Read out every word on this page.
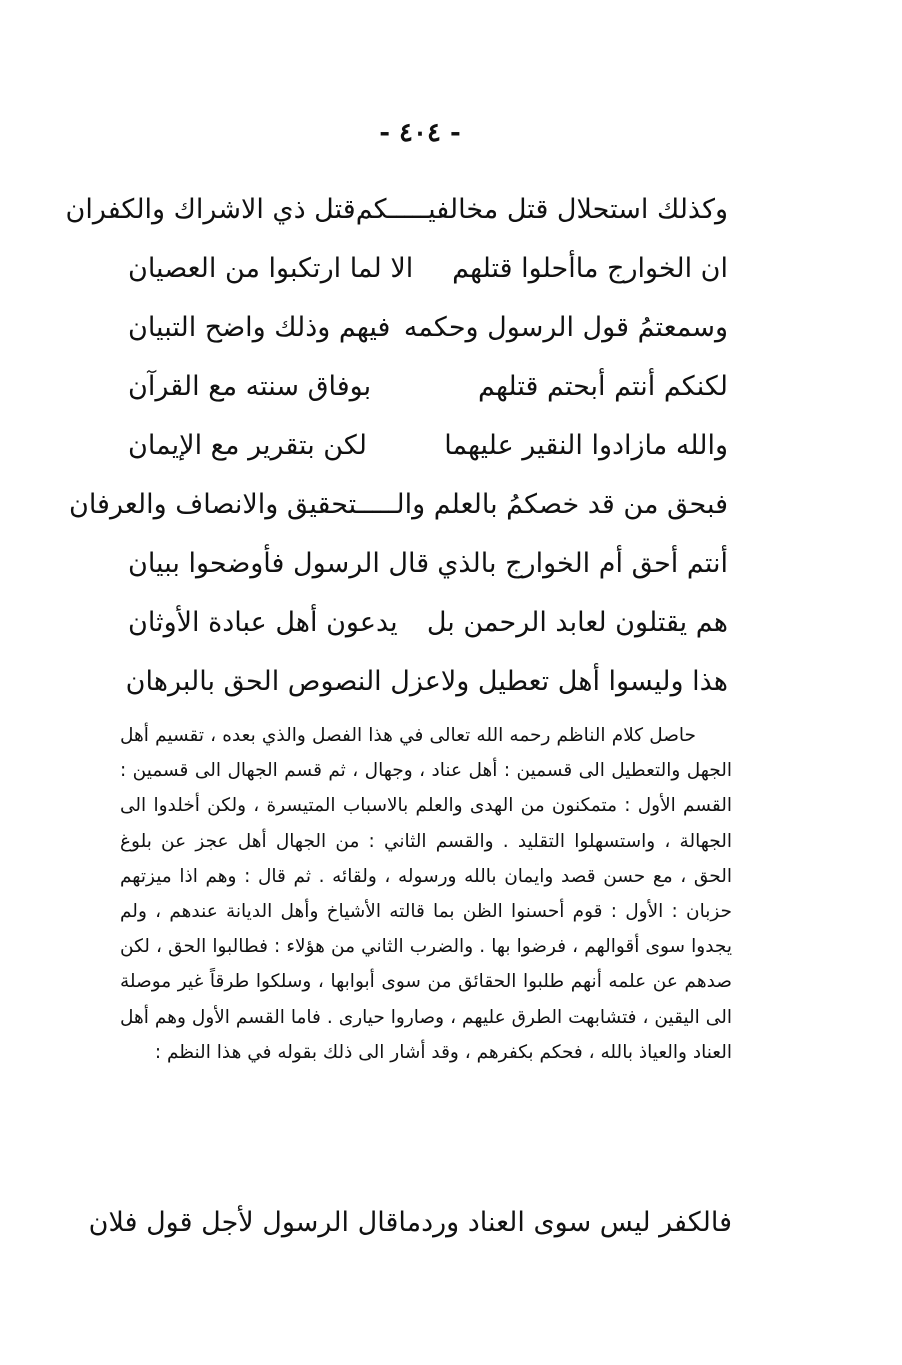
- ٤٠٤ -
وكذلك استحلال قتل مخالفيـــــكم
قتل ذي الاشراك والكفران
ان الخوارج ماأحلوا قتلهم
الا لما ارتكبوا من العصيان
وسمعتمُ قول الرسول وحكمه
فيهم وذلك واضح التبيان
لكنكم أنتم أبحتم قتلهم
بوفاق سنته مع القرآن
والله مازادوا النقير عليهما
لكن بتقرير مع الإيمان
فبحق من قد خصكمُ بالعلم والـــ
ــتحقيق والانصاف والعرفان
أنتم أحق أم الخوارج بالذي
قال الرسول فأوضحوا ببيان
هم يقتلون لعابد الرحمن بل
يدعون أهل عبادة الأوثان
هذا وليسوا أهل تعطيل ولا
عزل النصوص الحق بالبرهان

حاصل كلام الناظم رحمه الله تعالى في هذا الفصل والذي بعده ، تقسيم أهل الجهل والتعطيل الى قسمين : أهل عناد ، وجهال ، ثم قسم الجهال الى قسمين : القسم الأول : متمكنون من الهدى والعلم بالاسباب المتيسرة ، ولكن أخلدوا الى الجهالة ، واستسهلوا التقليد . والقسم الثاني : من الجهال أهل عجز عن بلوغ الحق ، مع حسن قصد وايمان بالله ورسوله ، ولقائه . ثم قال : وهم اذا ميزتهم حزبان : الأول : قوم أحسنوا الظن بما قالته الأشياخ وأهل الديانة عندهم ، ولم يجدوا سوى أقوالهم ، فرضوا بها . والضرب الثاني من هؤلاء : فطالبوا الحق ، لكن صدهم عن علمه أنهم طلبوا الحقائق من سوى أبوابها ، وسلكوا طرقاً غير موصلة الى اليقين ، فتشابهت الطرق عليهم ، وصاروا حيارى . فاما القسم الأول وهم أهل العناد والعياذ بالله ، فحكم بكفرهم ، وقد أشار الى ذلك بقوله في هذا النظم :

فالكفر ليس سوى العناد وردما
قال الرسول لأجل قول فلان
